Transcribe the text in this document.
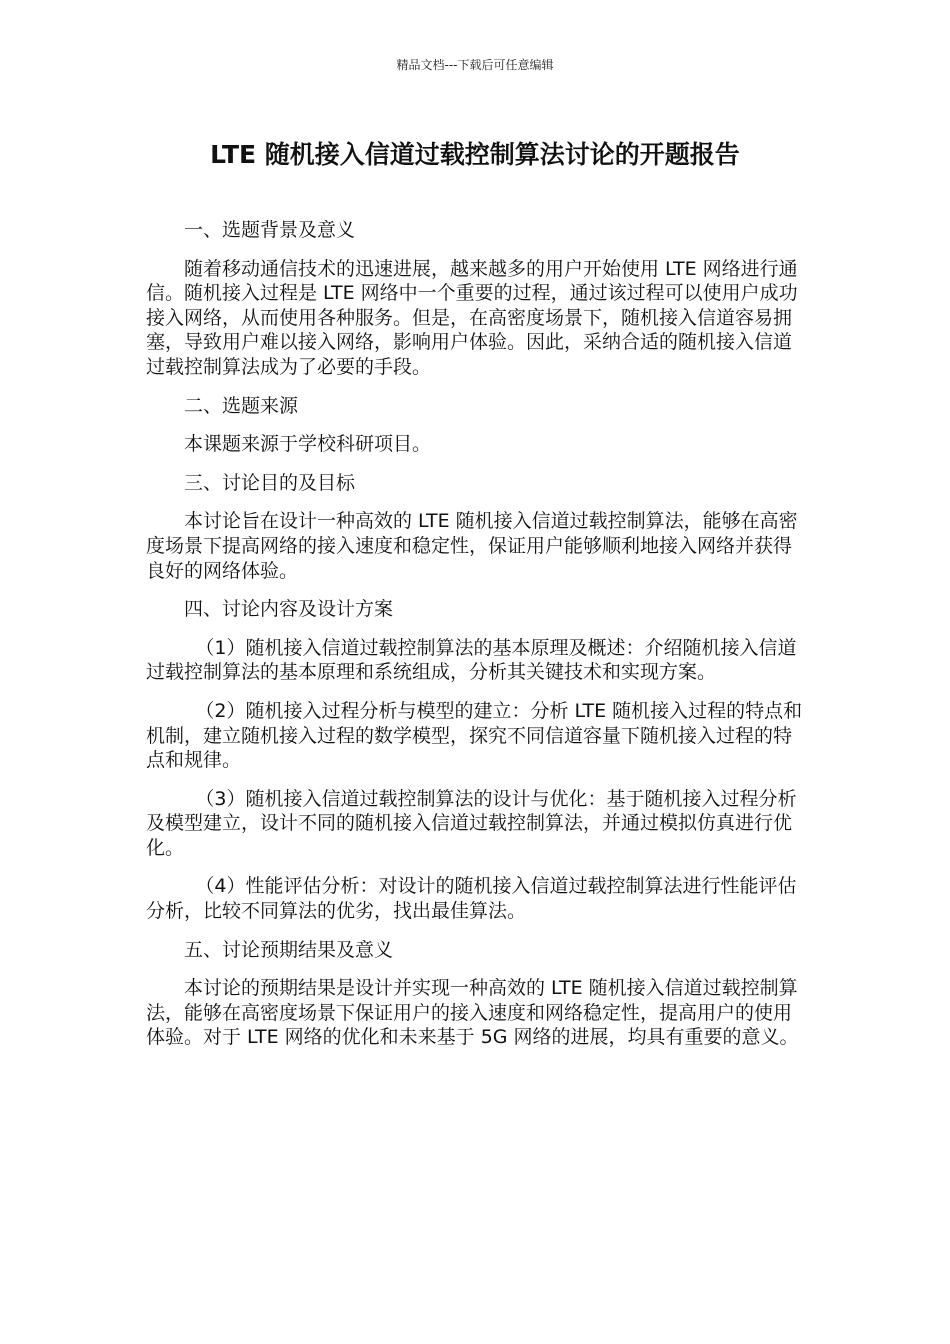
精品文档---下载后可任意编辑
LTE 随机接入信道过载控制算法讨论的开题报告

一、选题背景及意义

随着移动通信技术的迅速进展，越来越多的用户开始使用 LTE 网络进行通信。随机接入过程是 LTE 网络中一个重要的过程，通过该过程可以使用户成功接入网络，从而使用各种服务。但是，在高密度场景下，随机接入信道容易拥塞，导致用户难以接入网络，影响用户体验。因此，采纳合适的随机接入信道过载控制算法成为了必要的手段。

二、选题来源

本课题来源于学校科研项目。

三、讨论目的及目标

本讨论旨在设计一种高效的 LTE 随机接入信道过载控制算法，能够在高密度场景下提高网络的接入速度和稳定性，保证用户能够顺利地接入网络并获得良好的网络体验。

四、讨论内容及设计方案

（1）随机接入信道过载控制算法的基本原理及概述：介绍随机接入信道过载控制算法的基本原理和系统组成，分析其关键技术和实现方案。

（2）随机接入过程分析与模型的建立：分析 LTE 随机接入过程的特点和机制，建立随机接入过程的数学模型，探究不同信道容量下随机接入过程的特点和规律。

（3）随机接入信道过载控制算法的设计与优化：基于随机接入过程分析及模型建立，设计不同的随机接入信道过载控制算法，并通过模拟仿真进行优化。

（4）性能评估分析：对设计的随机接入信道过载控制算法进行性能评估分析，比较不同算法的优劣，找出最佳算法。

五、讨论预期结果及意义

本讨论的预期结果是设计并实现一种高效的 LTE 随机接入信道过载控制算法，能够在高密度场景下保证用户的接入速度和网络稳定性，提高用户的使用体验。对于 LTE 网络的优化和未来基于 5G 网络的进展，均具有重要的意义。
